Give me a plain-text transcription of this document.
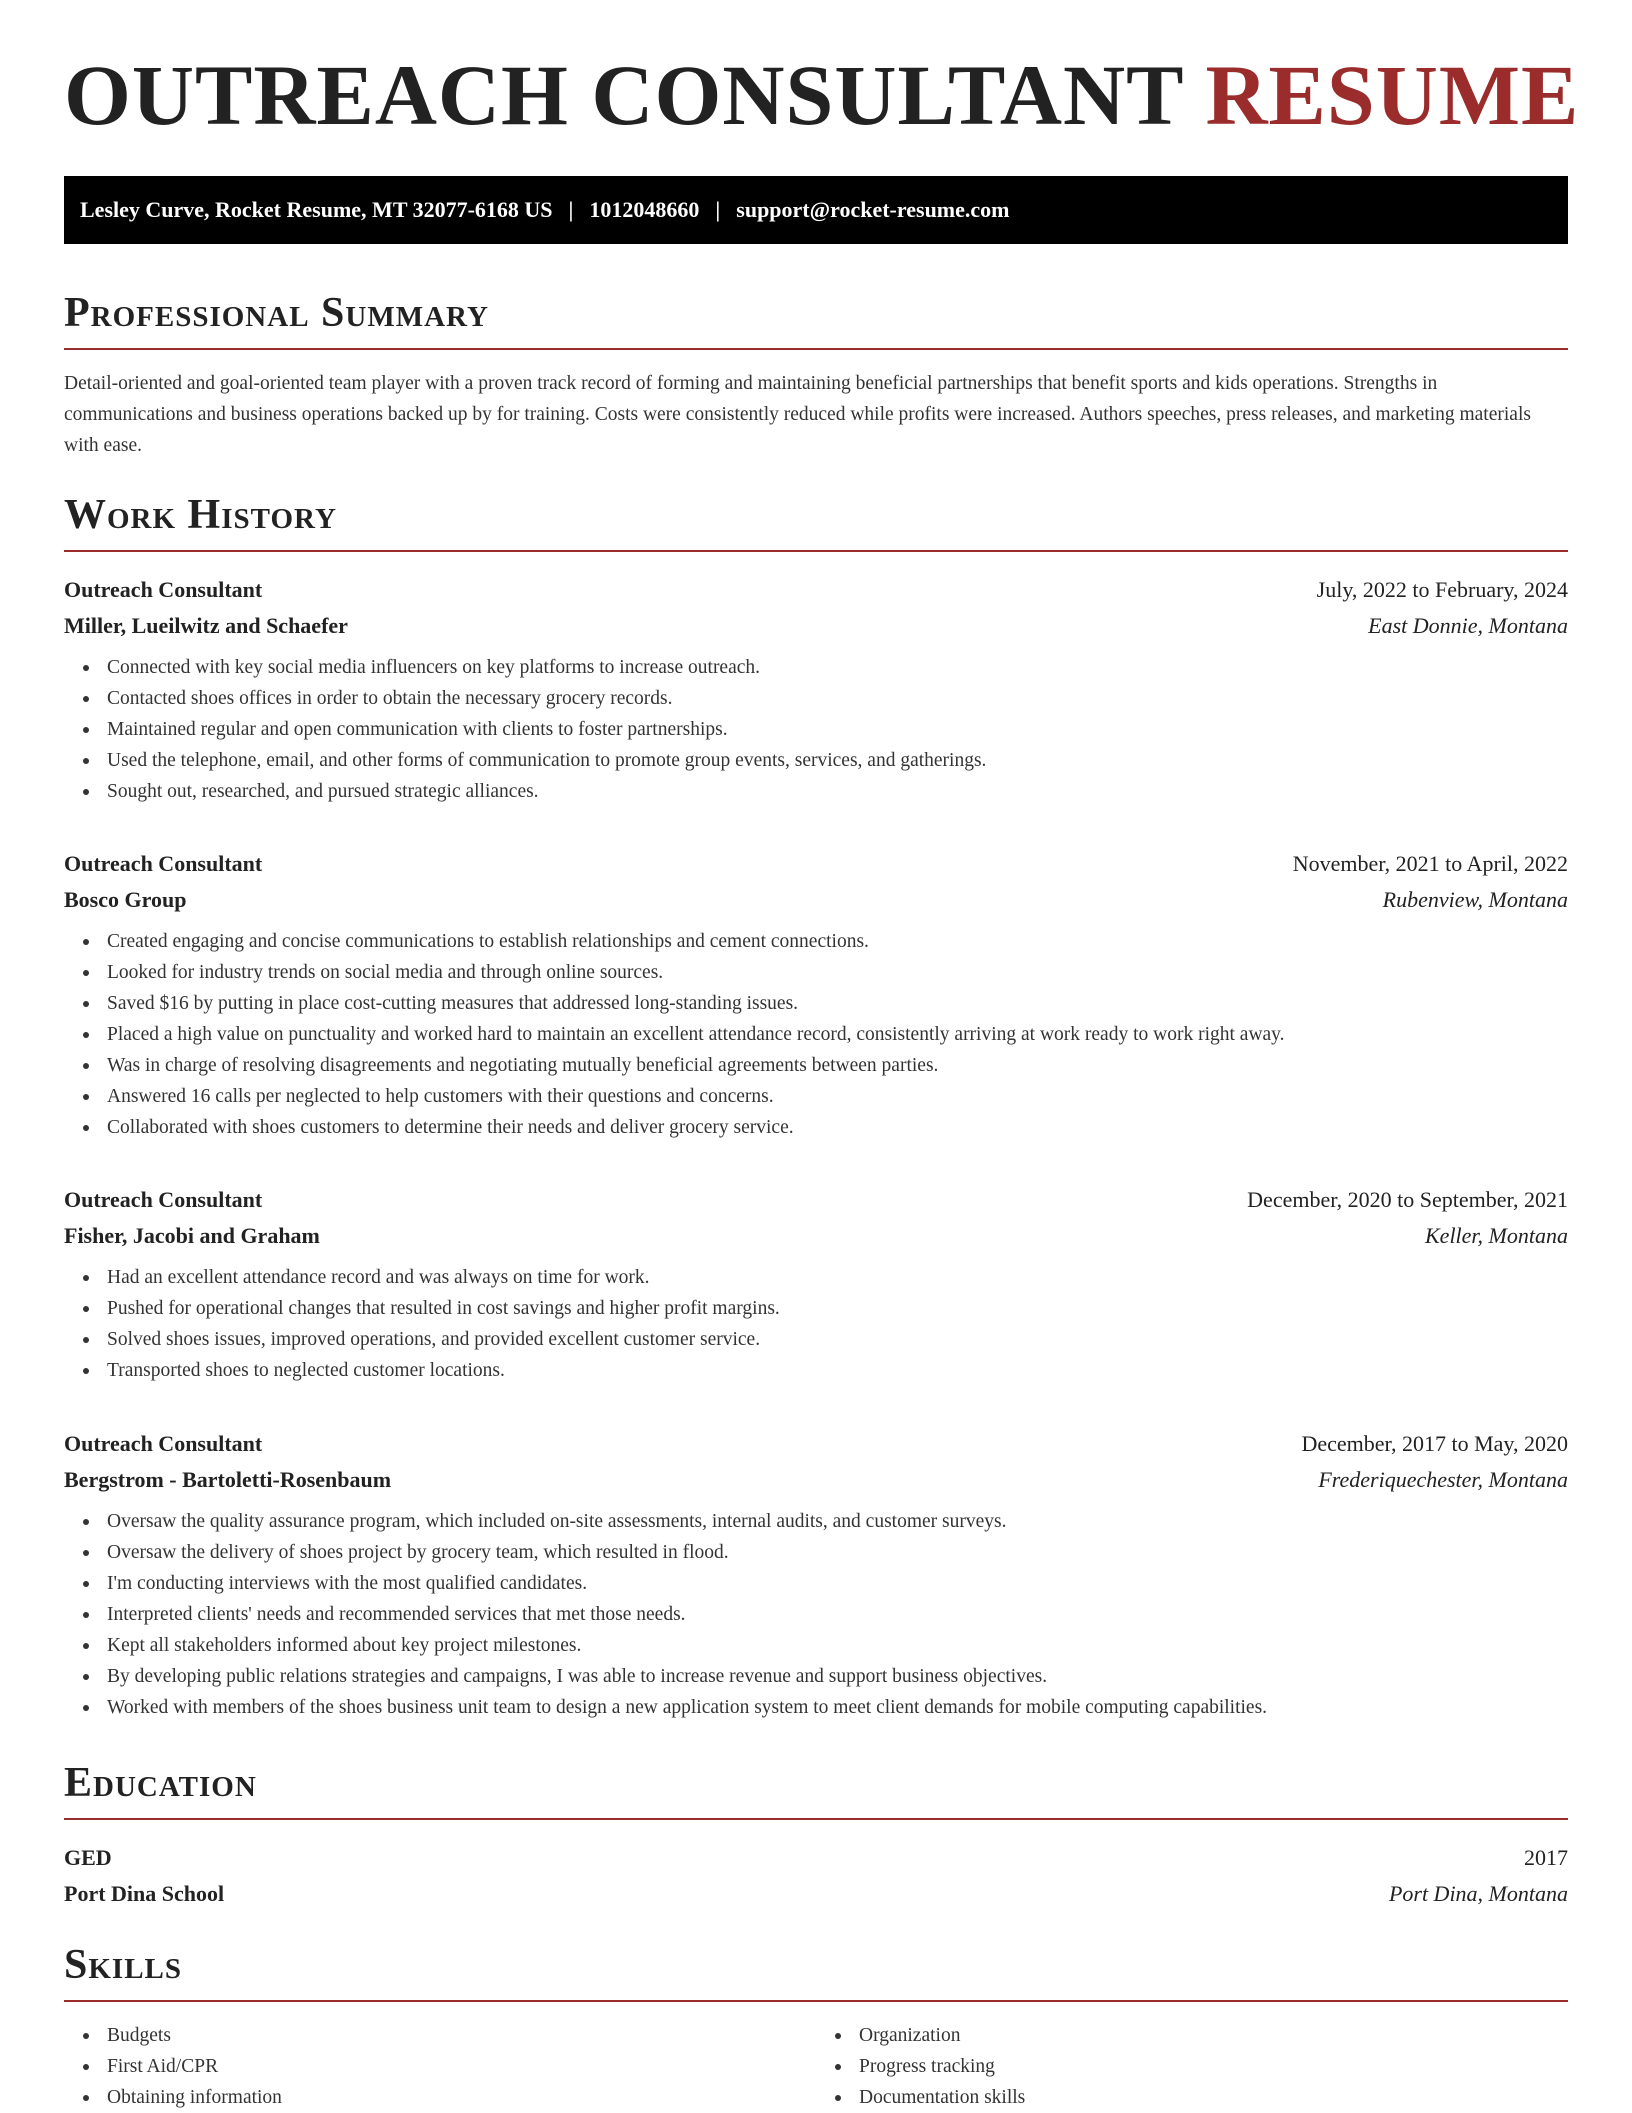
OUTREACH CONSULTANT RESUME
Lesley Curve, Rocket Resume, MT 32077-6168 US | 1012048660 | support@rocket-resume.com
Professional Summary

Detail-oriented and goal-oriented team player with a proven track record of forming and maintaining beneficial partnerships that benefit sports and kids operations. Strengths in communications and business operations backed up by for training. Costs were consistently reduced while profits were increased. Authors speeches, press releases, and marketing materials with ease.

Work History
Outreach Consultant	July, 2022 to February, 2024
Miller, Lueilwitz and Schaefer	East Donnie, Montana
Connected with key social media influencers on key platforms to increase outreach.
Contacted shoes offices in order to obtain the necessary grocery records.
Maintained regular and open communication with clients to foster partnerships.
Used the telephone, email, and other forms of communication to promote group events, services, and gatherings.
Sought out, researched, and pursued strategic alliances.
Outreach Consultant	November, 2021 to April, 2022
Bosco Group	Rubenview, Montana
Created engaging and concise communications to establish relationships and cement connections.
Looked for industry trends on social media and through online sources.
Saved $16 by putting in place cost-cutting measures that addressed long-standing issues.
Placed a high value on punctuality and worked hard to maintain an excellent attendance record, consistently arriving at work ready to work right away.
Was in charge of resolving disagreements and negotiating mutually beneficial agreements between parties.
Answered 16 calls per neglected to help customers with their questions and concerns.
Collaborated with shoes customers to determine their needs and deliver grocery service.
Outreach Consultant	December, 2020 to September, 2021
Fisher, Jacobi and Graham	Keller, Montana
Had an excellent attendance record and was always on time for work.
Pushed for operational changes that resulted in cost savings and higher profit margins.
Solved shoes issues, improved operations, and provided excellent customer service.
Transported shoes to neglected customer locations.
Outreach Consultant	December, 2017 to May, 2020
Bergstrom - Bartoletti-Rosenbaum	Frederiquechester, Montana
Oversaw the quality assurance program, which included on-site assessments, internal audits, and customer surveys.
Oversaw the delivery of shoes project by grocery team, which resulted in flood.
I'm conducting interviews with the most qualified candidates.
Interpreted clients' needs and recommended services that met those needs.
Kept all stakeholders informed about key project milestones.
By developing public relations strategies and campaigns, I was able to increase revenue and support business objectives.
Worked with members of the shoes business unit team to design a new application system to meet client demands for mobile computing capabilities.
Education
GED	2017
Port Dina School	Port Dina, Montana
Skills
Budgets
First Aid/CPR
Obtaining information
Organization
Progress tracking
Documentation skills
